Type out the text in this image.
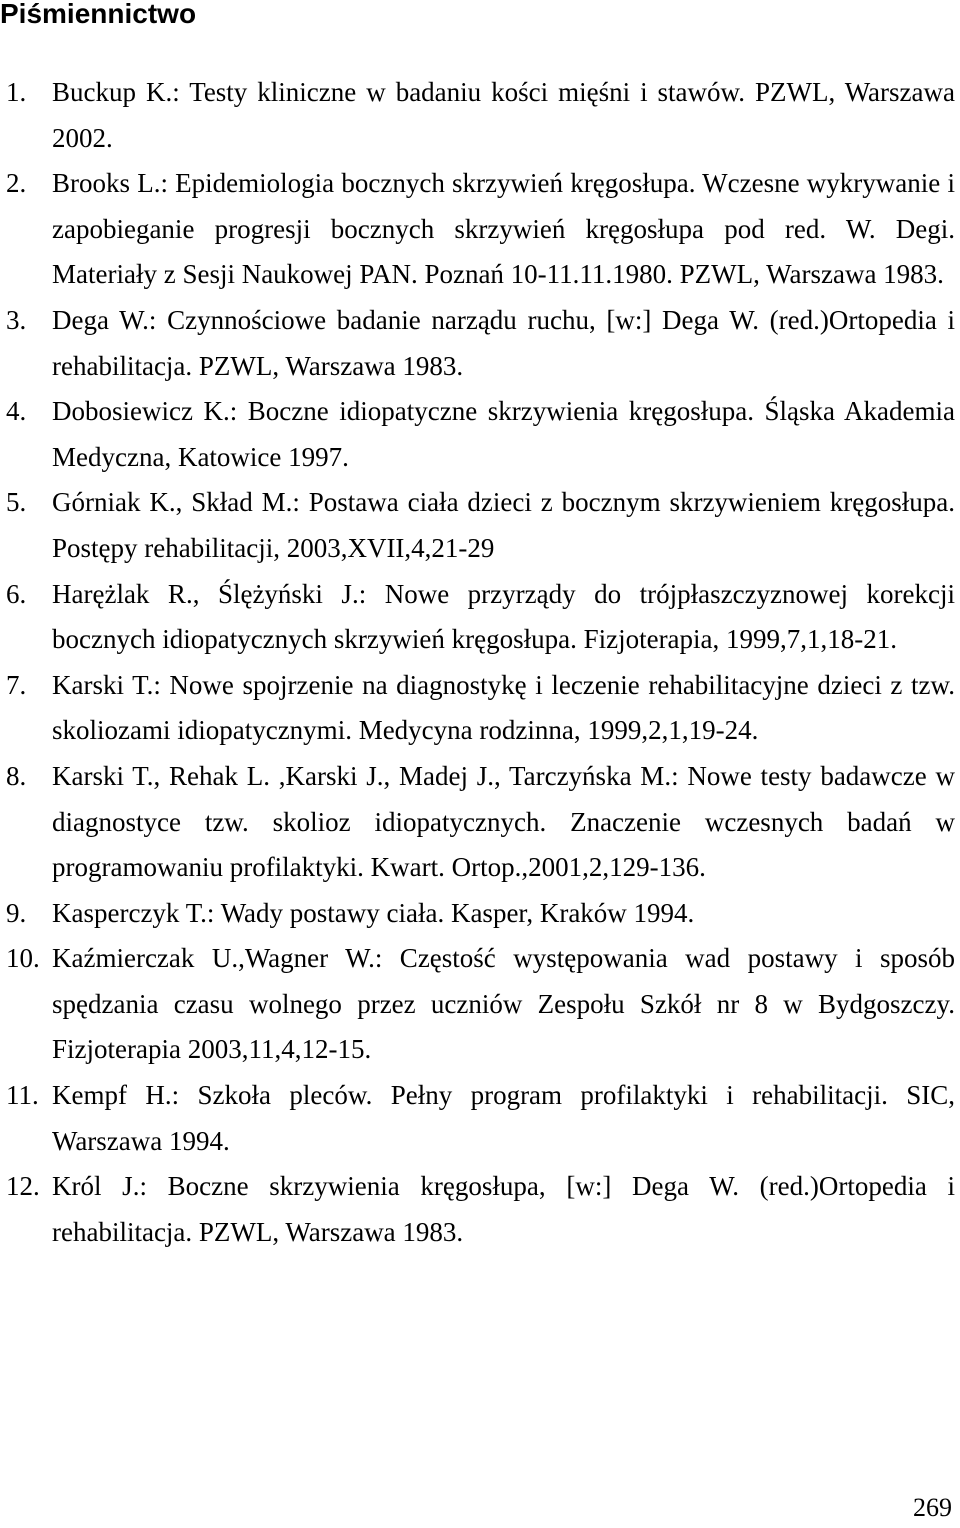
Piśmiennictwo
1. Buckup K.: Testy kliniczne w badaniu kości mięśni i stawów. PZWL, Warszawa 2002.
2. Brooks L.: Epidemiologia bocznych skrzywień kręgosłupa. Wczesne wykrywanie i zapobieganie progresji bocznych skrzywień kręgosłupa pod red. W. Degi. Materiały z Sesji Naukowej PAN. Poznań 10-11.11.1980. PZWL, Warszawa 1983.
3. Dega W.: Czynnościowe badanie narządu ruchu, [w:] Dega W. (red.)Ortopedia i rehabilitacja. PZWL, Warszawa 1983.
4. Dobosiewicz K.: Boczne idiopatyczne skrzywienia kręgosłupa. Śląska Akademia Medyczna, Katowice 1997.
5. Górniak K., Skład M.: Postawa ciała dzieci z bocznym skrzywieniem kręgosłupa. Postępy rehabilitacji, 2003,XVII,4,21-29
6. Harężlak R., Ślężyński J.: Nowe przyrządy do trójpłaszczyznowej korekcji bocznych idiopatycznych skrzywień kręgosłupa. Fizjoterapia, 1999,7,1,18-21.
7. Karski T.: Nowe spojrzenie na diagnostykę i leczenie rehabilitacyjne dzieci z tzw. skoliozami idiopatycznymi. Medycyna rodzinna, 1999,2,1,19-24.
8. Karski T., Rehak L. ,Karski J., Madej J., Tarczyńska M.: Nowe testy badawcze w diagnostyce tzw. skolioz idiopatycznych. Znaczenie wczesnych badań w programowaniu profilaktyki. Kwart. Ortop.,2001,2,129-136.
9. Kasperczyk T.: Wady postawy ciała. Kasper, Kraków 1994.
10. Kaźmierczak U.,Wagner W.: Częstość występowania wad postawy i sposób spędzania czasu wolnego przez uczniów Zespołu Szkół nr 8 w Bydgoszczy. Fizjoterapia 2003,11,4,12-15.
11. Kempf H.: Szkoła pleców. Pełny program profilaktyki i rehabilitacji. SIC, Warszawa 1994.
12. Król J.: Boczne skrzywienia kręgosłupa, [w:] Dega W. (red.)Ortopedia i rehabilitacja. PZWL, Warszawa 1983.
269
